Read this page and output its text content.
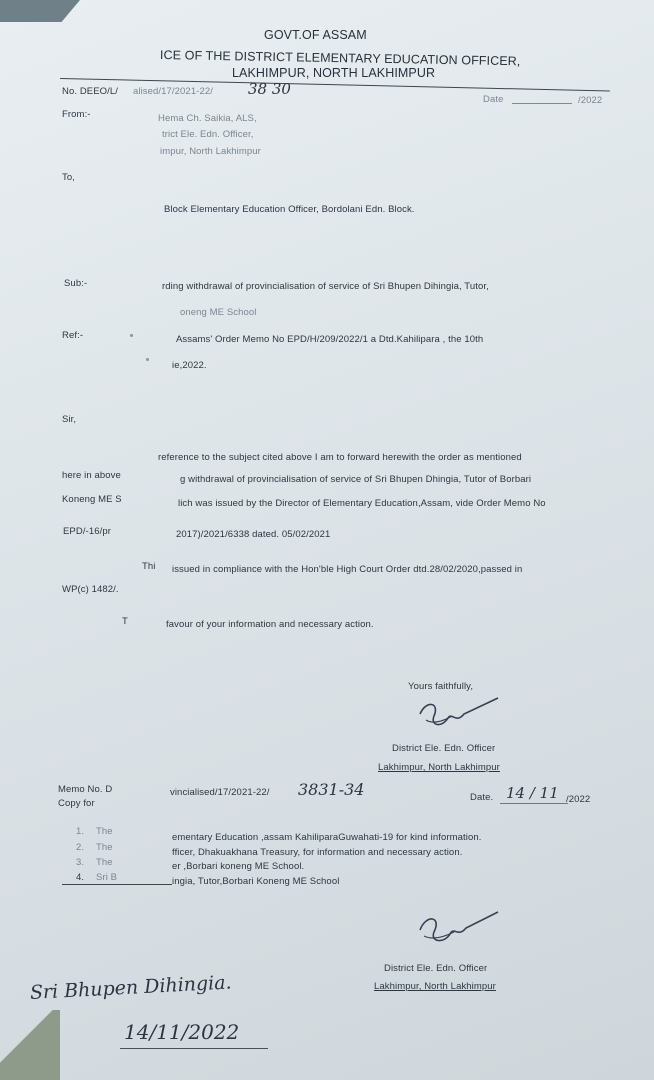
GOVT.OF ASSAM
ICE OF THE DISTRICT ELEMENTARY EDUCATION OFFICER,
LAKHIMPUR, NORTH LAKHIMPUR
No. DEEO/L/ alised/17/2021-22/ 38 30
Date	/2022
From:-	Hema Ch. Saikia, ALS,
trict Ele. Edn. Officer,
impur, North Lakhimpur
To,
Block Elementary Education Officer, Bordolani Edn. Block.
Sub:-	rding withdrawal of provincialisation of service of Sri Bhupen Dihingia, Tutor,
oneng ME School
Ref:-	Assams' Order Memo No EPD/H/209/2022/1 a Dtd.Kahilipara , the 10th
ie,2022.
Sir,
reference to the subject cited above I am to forward herewith the order as mentioned
here in above	g withdrawal of provincialisation of service of Sri Bhupen Dhingia, Tutor of Borbari
Koneng ME S	lich was issued by the Director of Elementary Education,Assam, vide Order Memo No
EPD/-16/pr	2017)/2021/6338 dated. 05/02/2021
Thi issued in compliance with the Hon'ble High Court Order dtd.28/02/2020,passed in
WP(c) 1482/.
T	favour of your information and necessary action.
Yours faithfully,
District Ele. Edn. Officer
Lakhimpur, North Lakhimpur
Memo No. D	vincialised/17/2021-22/ 3831-34	Date. 14 / 11 /2022
Copy for
1. The
ementary Education ,assam KahiliparaGuwahati-19 for kind information.
2. The	fficer, Dhakuakhana Treasury, for information and necessary action.
3. The	er ,Borbari koneng ME School.
4. Sri B	ingia, Tutor,Borbari Koneng ME School
District Ele. Edn. Officer
Lakhimpur, North Lakhimpur
Sri Bhupen Dihingia.
14/11/2022
